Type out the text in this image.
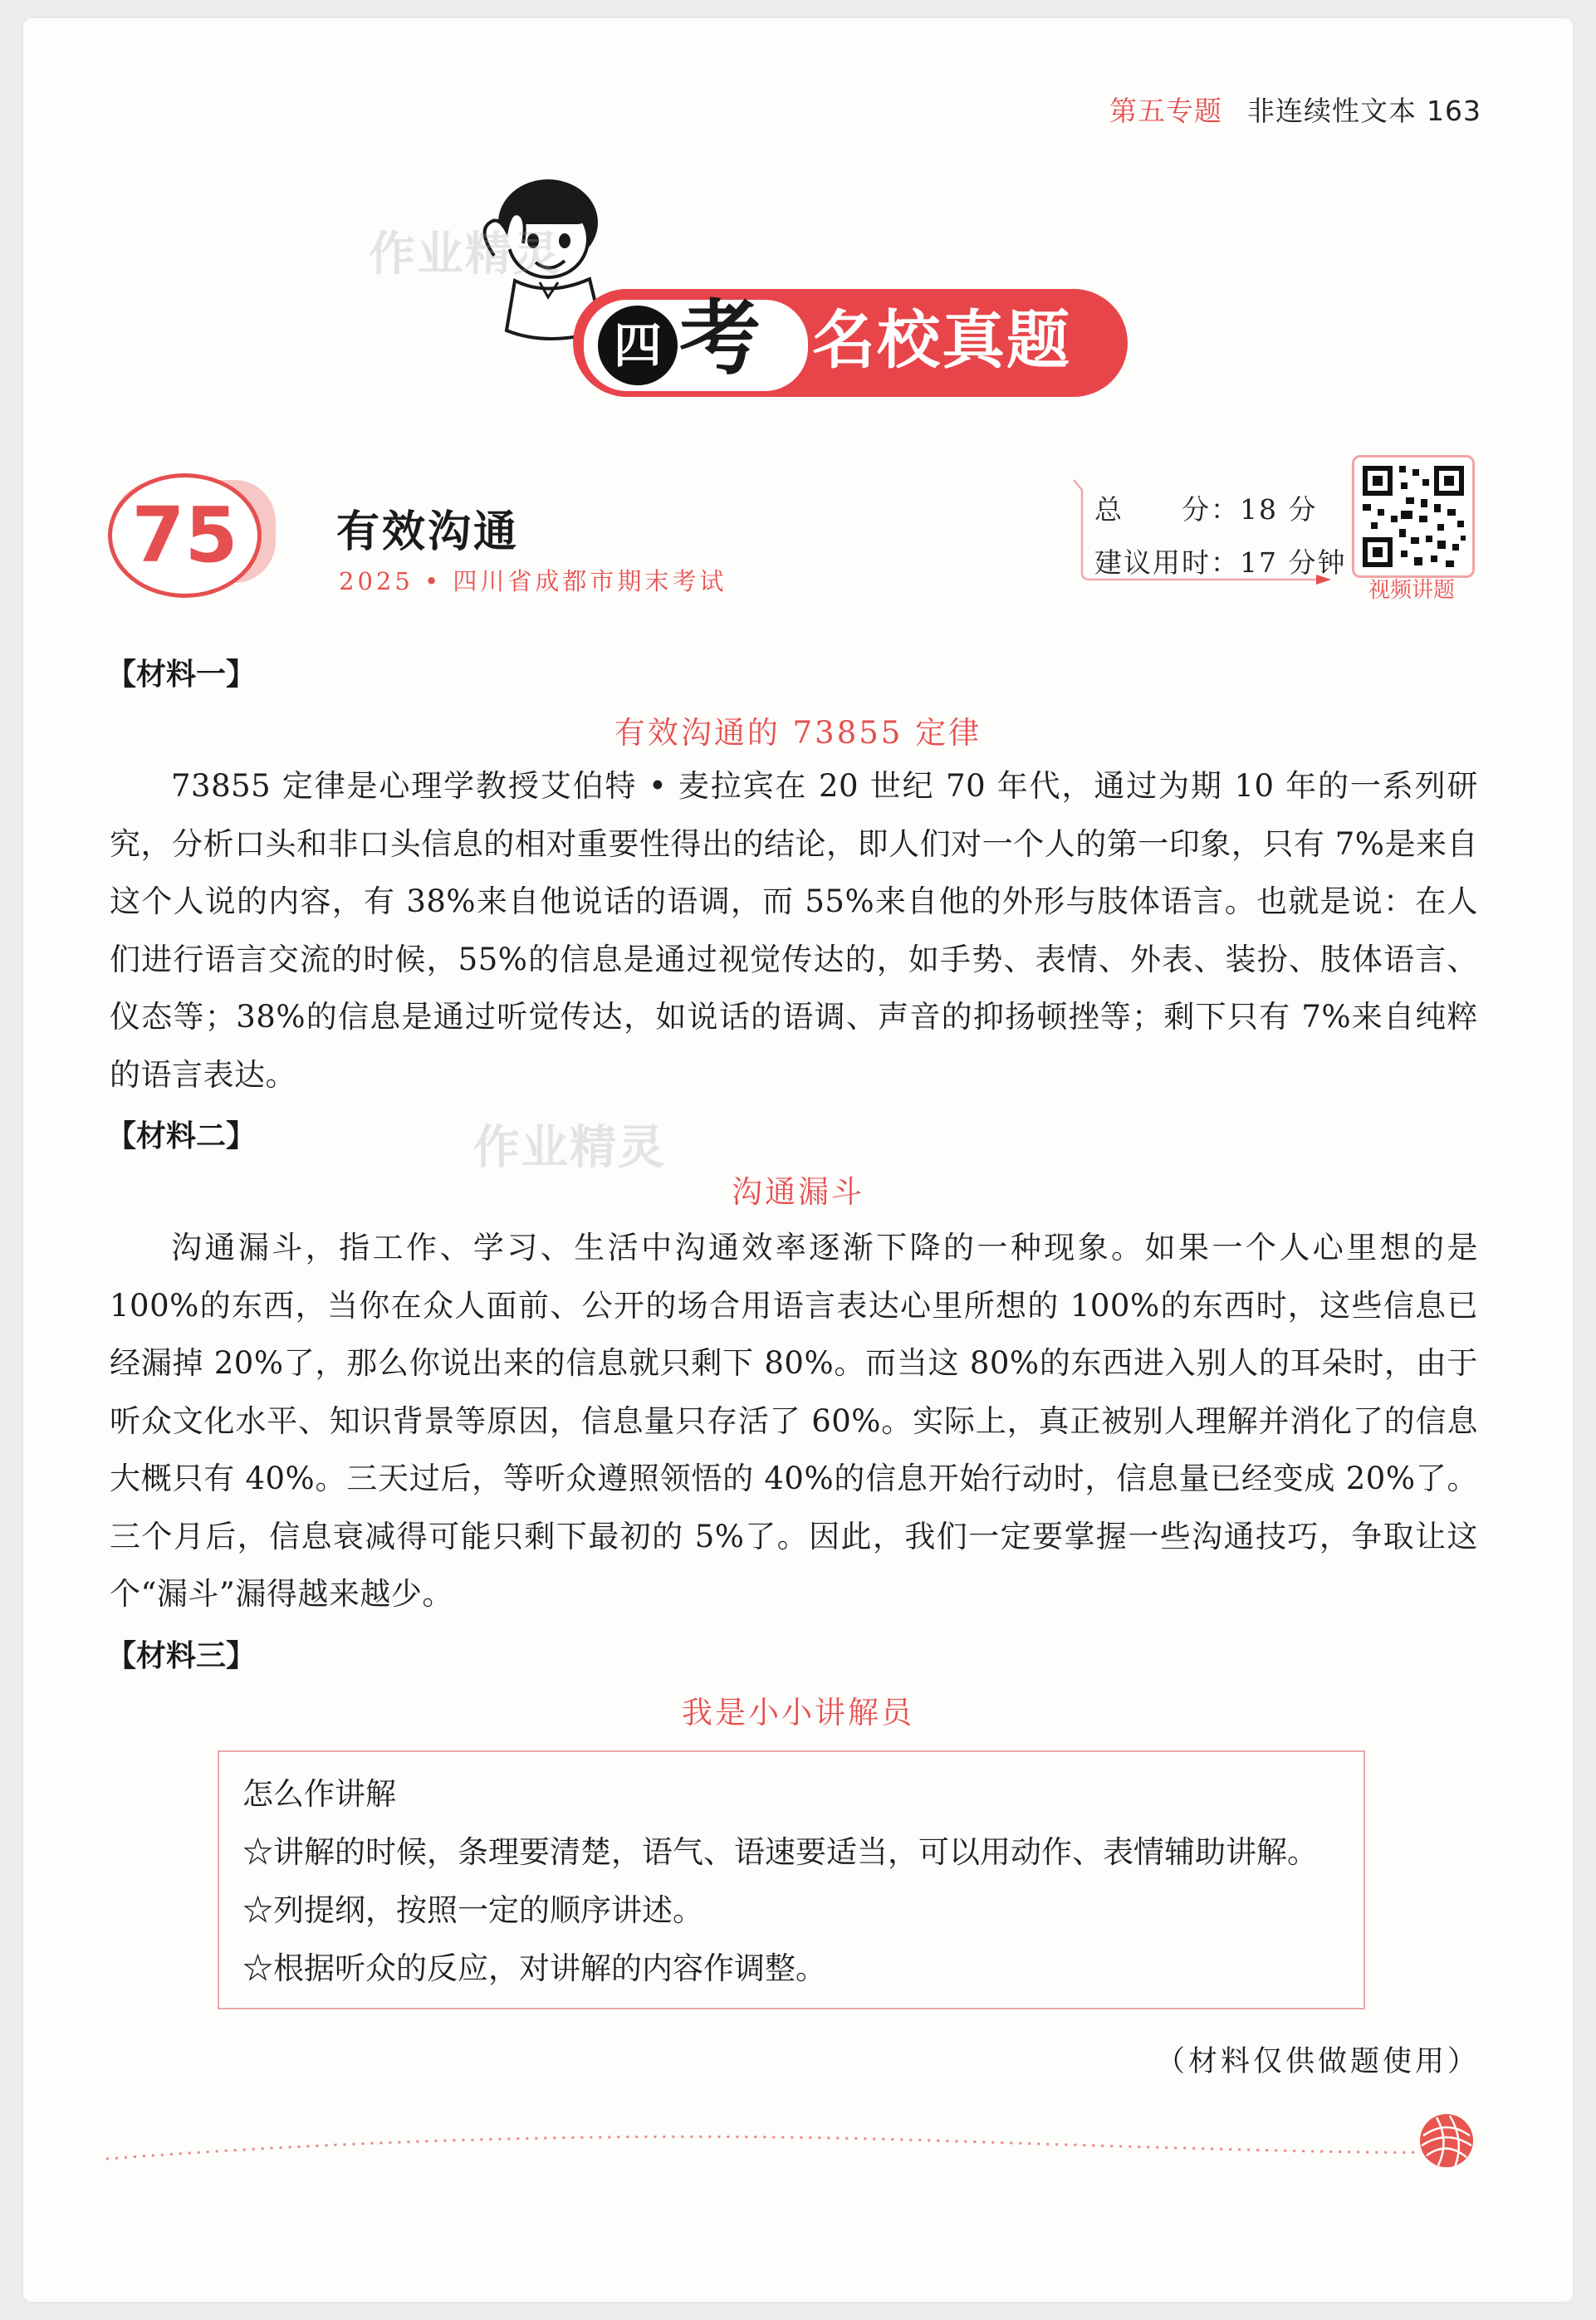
第五专题 非连续性文本 163
四 考 名校真题
作业精灵
作业精灵
75	有效沟通
2025 • 四川省成都市期末考试
总　　分：18 分
建议用时：17 分钟
视频讲题
【材料一】
有效沟通的 73855 定律
73855 定律是心理学教授艾伯特 • 麦拉宾在 20 世纪 70 年代，通过为期 10 年的一系列研究，分析口头和非口头信息的相对重要性得出的结论，即人们对一个人的第一印象，只有 7%是来自这个人说的内容，有 38%来自他说话的语调，而 55%来自他的外形与肢体语言。也就是说：在人们进行语言交流的时候，55%的信息是通过视觉传达的，如手势、表情、外表、装扮、肢体语言、仪态等；38%的信息是通过听觉传达，如说话的语调、声音的抑扬顿挫等；剩下只有 7%来自纯粹的语言表达。
【材料二】
沟通漏斗
沟通漏斗，指工作、学习、生活中沟通效率逐渐下降的一种现象。如果一个人心里想的是 100%的东西，当你在众人面前、公开的场合用语言表达心里所想的 100%的东西时，这些信息已经漏掉 20%了，那么你说出来的信息就只剩下 80%。而当这 80%的东西进入别人的耳朵时，由于听众文化水平、知识背景等原因，信息量只存活了 60%。实际上，真正被别人理解并消化了的信息大概只有 40%。三天过后，等听众遵照领悟的 40%的信息开始行动时，信息量已经变成 20%了。三个月后，信息衰减得可能只剩下最初的 5%了。因此，我们一定要掌握一些沟通技巧，争取让这个“漏斗”漏得越来越少。
【材料三】
我是小小讲解员
怎么作讲解
☆讲解的时候，条理要清楚，语气、语速要适当，可以用动作、表情辅助讲解。
☆列提纲，按照一定的顺序讲述。
☆根据听众的反应，对讲解的内容作调整。
（材料仅供做题使用）
